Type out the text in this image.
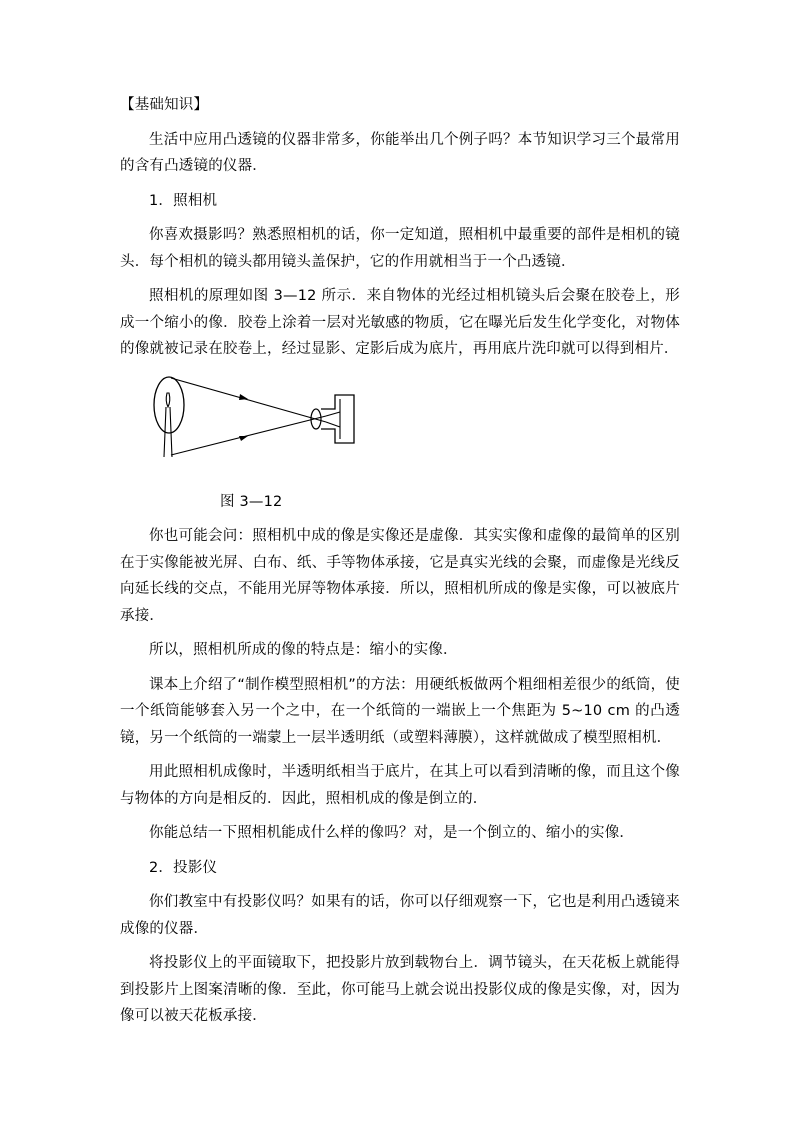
【基础知识】

生活中应用凸透镜的仪器非常多，你能举出几个例子吗？本节知识学习三个最常用的含有凸透镜的仪器．

1．照相机

你喜欢摄影吗？熟悉照相机的话，你一定知道，照相机中最重要的部件是相机的镜头．每个相机的镜头都用镜头盖保护，它的作用就相当于一个凸透镜．

照相机的原理如图 3—12 所示．来自物体的光经过相机镜头后会聚在胶卷上，形成一个缩小的像．胶卷上涂着一层对光敏感的物质，它在曝光后发生化学变化，对物体的像就被记录在胶卷上，经过显影、定影后成为底片，再用底片洗印就可以得到相片．

图 3—12

你也可能会问：照相机中成的像是实像还是虚像．其实实像和虚像的最简单的区别在于实像能被光屏、白布、纸、手等物体承接，它是真实光线的会聚，而虚像是光线反向延长线的交点，不能用光屏等物体承接．所以，照相机所成的像是实像，可以被底片承接．

所以，照相机所成的像的特点是：缩小的实像．

课本上介绍了“制作模型照相机”的方法：用硬纸板做两个粗细相差很少的纸筒，使一个纸筒能够套入另一个之中，在一个纸筒的一端嵌上一个焦距为 5~10 cm 的凸透镜，另一个纸筒的一端蒙上一层半透明纸（或塑料薄膜），这样就做成了模型照相机．

用此照相机成像时，半透明纸相当于底片，在其上可以看到清晰的像，而且这个像与物体的方向是相反的．因此，照相机成的像是倒立的．

你能总结一下照相机能成什么样的像吗？对，是一个倒立的、缩小的实像．

2．投影仪

你们教室中有投影仪吗？如果有的话，你可以仔细观察一下，它也是利用凸透镜来成像的仪器．

将投影仪上的平面镜取下，把投影片放到载物台上．调节镜头，在天花板上就能得到投影片上图案清晰的像．至此，你可能马上就会说出投影仪成的像是实像，对，因为像可以被天花板承接．
